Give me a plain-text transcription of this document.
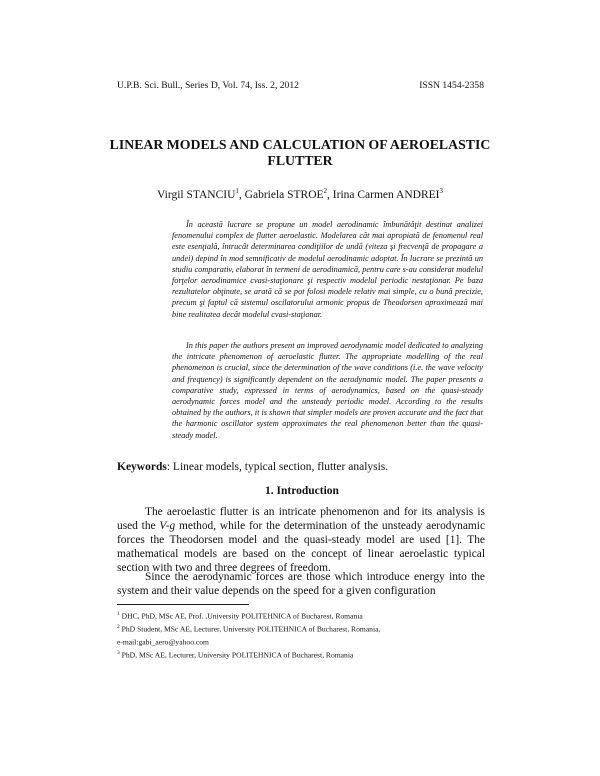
U.P.B. Sci. Bull., Series D, Vol. 74, Iss. 2, 2012	ISSN 1454-2358
LINEAR MODELS AND CALCULATION OF AEROELASTIC FLUTTER
Virgil STANCIU$^1$, Gabriela STROE$^2$, Irina Carmen ANDREI$^3$
În această lucrare se propune un model aerodinamic îmbunătăţit destinat analizei fenomenului complex de flutter aeroelastic. Modelarea cât mai apropiată de fenomenul real este esenţială, întrucât determinarea condiţiilor de undă (viteza şi frecvenţă de propagare a undei) depind în mod semnificativ de modelul aerodinamic adoptat. În lucrare se prezintă un studiu comparativ, elaborat în termeni de aerodinamică, pentru care s-au considerat modelul forţelor aerodinamice cvasi-staţionare şi respectiv modelul periodic nestaţionar. Pe baza rezultatelor obţinute, se arată că se pot folosi modele relativ mai simple, cu o bună precizie, precum şi faptul că sistemul oscilatorului armonic propus de Theodorsen aproximează mai bine realitatea decât modelul cvasi-staţionar.
In this paper the authors present an improved aerodynamic model dedicated to analyzing the intricate phenomenon of aeroelastic flutter. The appropriate modelling of the real phenomenon is crucial, since the determination of the wave conditions (i.e. the wave velocity and frequency) is significantly dependent on the aerodynamic model. The paper presents a comparative study, expressed in terms of aerodynamics, based on the quasi-steady aerodynamic forces model and the unsteady periodic model. According to the results obtained by the authors, it is shown that simpler models are proven accurate and the fact that the harmonic oscillator system approximates the real phenomenon better than the quasi-steady model.
Keywords: Linear models, typical section, flutter analysis.
1. Introduction
The aeroelastic flutter is an intricate phenomenon and for its analysis is used the V-g method, while for the determination of the unsteady aerodynamic forces the Theodorsen model and the quasi-steady model are used [1]. The mathematical models are based on the concept of linear aeroelastic typical section with two and three degrees of freedom.
Since the aerodynamic forces are those which introduce energy into the system and their value depends on the speed for a given configuration
$^1$ DHC, PhD, MSc AE, Prof. ,University POLITEHNICA of Bucharest, Romania
$^2$ PhD Student, MSc AE, Lecturer, University POLITEHNICA of Bucharest, Romania,
e-mail:gabi_aero@yahoo.com
$^3$ PhD, MSc AE, Lecturer, University POLITEHNICA of Bucharest, Romania
